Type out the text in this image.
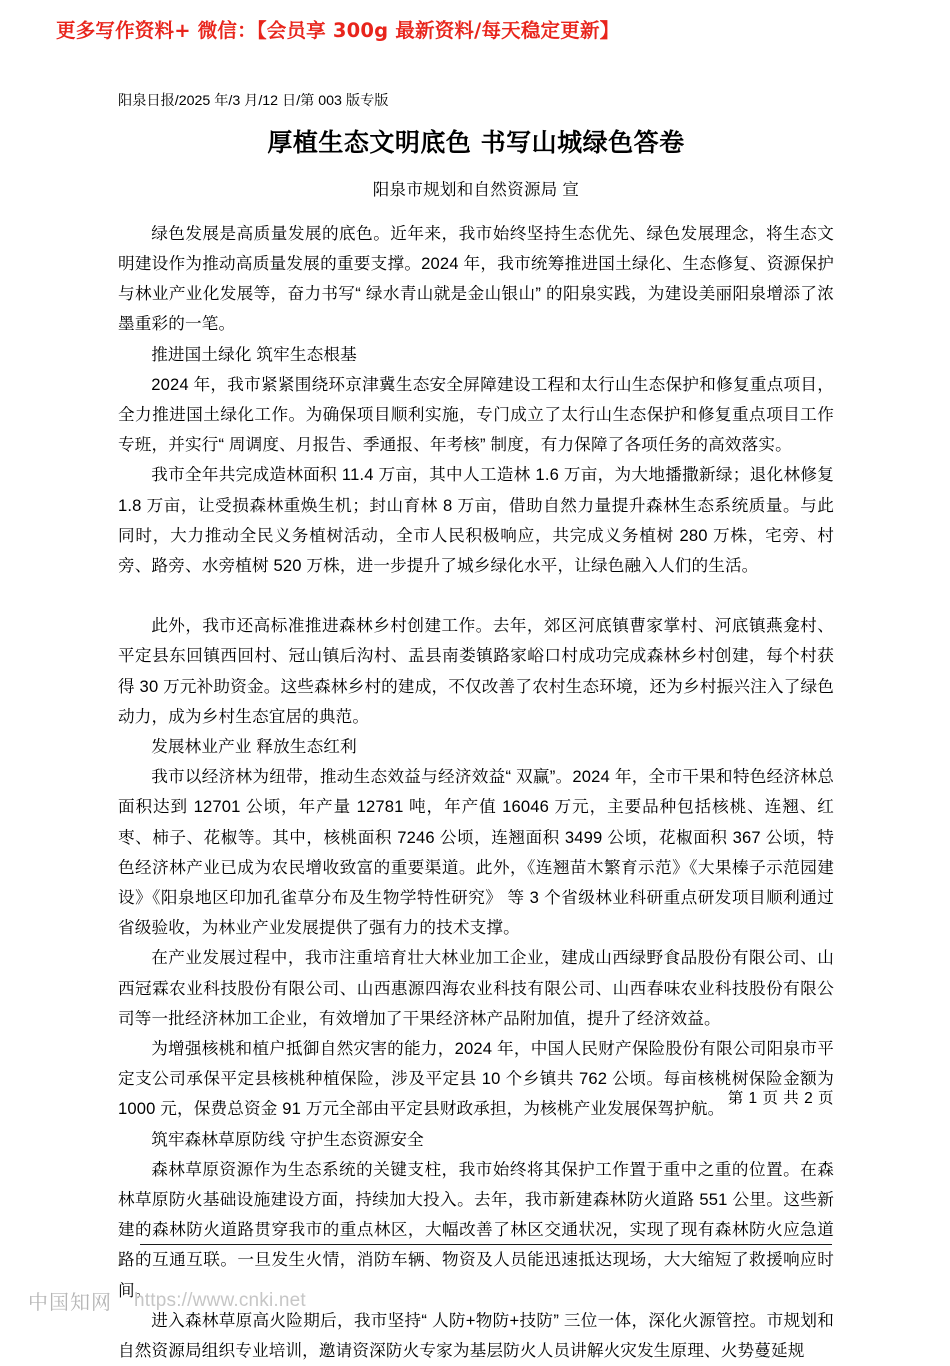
更多写作资料+ 微信：【会员享 300g 最新资料/每天稳定更新】
阳泉日报/2025 年/3 月/12 日/第 003 版专版
厚植生态文明底色 书写山城绿色答卷
阳泉市规划和自然资源局 宣

绿色发展是高质量发展的底色。近年来，我市始终坚持生态优先、绿色发展理念，将生态文明建设作为推动高质量发展的重要支撑。2024 年，我市统筹推进国土绿化、生态修复、资源保护与林业产业化发展等，奋力书写“ 绿水青山就是金山银山” 的阳泉实践，为建设美丽阳泉增添了浓墨重彩的一笔。

推进国土绿化 筑牢生态根基

2024 年，我市紧紧围绕环京津冀生态安全屏障建设工程和太行山生态保护和修复重点项目，全力推进国土绿化工作。为确保项目顺利实施，专门成立了太行山生态保护和修复重点项目工作专班，并实行“ 周调度、月报告、季通报、年考核” 制度，有力保障了各项任务的高效落实。

我市全年共完成造林面积 11.4 万亩，其中人工造林 1.6 万亩，为大地播撒新绿；退化林修复 1.8 万亩，让受损森林重焕生机；封山育林 8 万亩，借助自然力量提升森林生态系统质量。与此同时，大力推动全民义务植树活动，全市人民积极响应，共完成义务植树 280 万株，宅旁、村旁、路旁、水旁植树 520 万株，进一步提升了城乡绿化水平，让绿色融入人们的生活。

此外，我市还高标准推进森林乡村创建工作。去年，郊区河底镇曹家掌村、河底镇燕龛村、平定县东回镇西回村、冠山镇后沟村、盂县南娄镇路家峪口村成功完成森林乡村创建，每个村获得 30 万元补助资金。这些森林乡村的建成，不仅改善了农村生态环境，还为乡村振兴注入了绿色动力，成为乡村生态宜居的典范。

发展林业产业 释放生态红利

我市以经济林为纽带，推动生态效益与经济效益“ 双赢”。2024 年，全市干果和特色经济林总面积达到 12701 公顷，年产量 12781 吨，年产值 16046 万元，主要品种包括核桃、连翘、红枣、柿子、花椒等。其中，核桃面积 7246 公顷，连翘面积 3499 公顷，花椒面积 367 公顷，特色经济林产业已成为农民增收致富的重要渠道。此外，《连翘苗木繁育示范》《大果榛子示范园建设》《阳泉地区印加孔雀草分布及生物学特性研究》 等 3 个省级林业科研重点研发项目顺利通过省级验收，为林业产业发展提供了强有力的技术支撑。

在产业发展过程中，我市注重培育壮大林业加工企业，建成山西绿野食品股份有限公司、山西冠霖农业科技股份有限公司、山西惠源四海农业科技有限公司、山西春味农业科技股份有限公司等一批经济林加工企业，有效增加了干果经济林产品附加值，提升了经济效益。

为增强核桃和植户抵御自然灾害的能力，2024 年，中国人民财产保险股份有限公司阳泉市平定支公司承保平定县核桃种植保险，涉及平定县 10 个乡镇共 762 公顷。每亩核桃树保险金额为 1000 元，保费总资金 91 万元全部由平定县财政承担，为核桃产业发展保驾护航。

筑牢森林草原防线 守护生态资源安全

森林草原资源作为生态系统的关键支柱，我市始终将其保护工作置于重中之重的位置。在森林草原防火基础设施建设方面，持续加大投入。去年，我市新建森林防火道路 551 公里。这些新建的森林防火道路贯穿我市的重点林区，大幅改善了林区交通状况，实现了现有森林防火应急道路的互通互联。一旦发生火情，消防车辆、物资及人员能迅速抵达现场，大大缩短了救援响应时间。

进入森林草原高火险期后，我市坚持“ 人防+物防+技防” 三位一体，深化火源管控。市规划和自然资源局组织专业培训，邀请资深防火专家为基层防火人员讲解火灾发生原理、火势蔓延规

第 1 页 共 2 页
中国知网 https://www.cnki.net
